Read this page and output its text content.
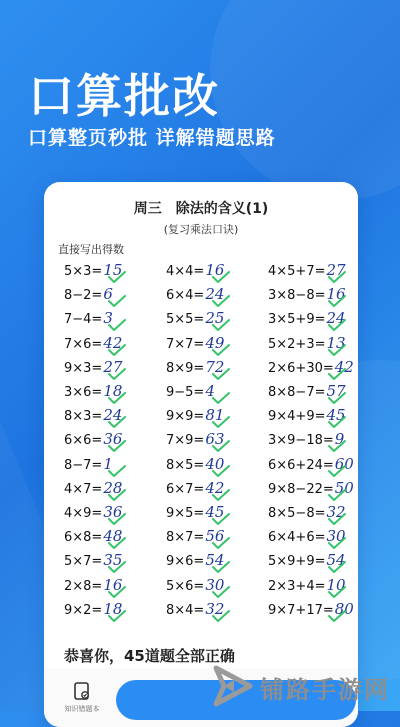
口算批改

口算整页秒批 详解错题思路

周三　除法的含义(1)
(复习乘法口诀)
直接写出得数
5×3=15
8−2=6
7−4=3
7×6=42
9×3=27
3×6=18
8×3=24
6×6=36
8−7=1
4×7=28
4×9=36
6×8=48
5×7=35
2×8=16
9×2=18
4×4=16
6×4=24
5×5=25
7×7=49
8×9=72
9−5=4
9×9=81
7×9=63
8×5=40
6×7=42
9×5=45
8×7=56
9×6=54
5×6=30
8×4=32
4×5+7=27
3×8−8=16
3×5+9=24
5×2+3=13
2×6+30=42
8×8−7=57
9×4+9=45
3×9−18=9
6×6+24=60
9×8−22=50
8×5−8=32
6×4+6=30
5×9+9=54
2×3+4=10
9×7+17=80
恭喜你，45道题全部正确
知识错题本
铺路手游网
